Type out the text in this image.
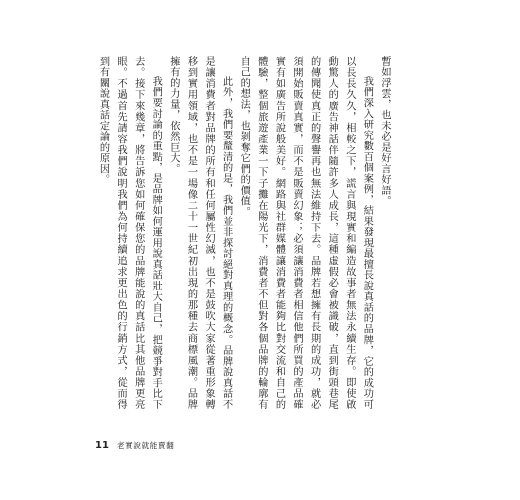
暫如浮雲，也未必是好言好語。

我們深入研究數百個案例，結果發現最擅長說真話的品牌，它的成功可以長長久久，相較之下，謊言與現實和編造故事者無法永續生存。即使啟動驚人的廣告神話伴隨許多人成長，這種虛假必會被識破，直到街頭巷尾的傳聞使真正的聲譽再也無法維持下去。品牌若想擁有長期的成功，就必須開始販賣真實，而不是販賣幻象；必須讓消費者相信他們所買的產品確實有如廣告所說般美好。網路與社群媒體讓消費者能夠比對交流和自己的體驗，整個旅遊產業一下子攤在陽光下，消費者不但對各個品牌的輪廓有自己的想法，也剝奪它們的價值。

此外，我們要釐清的是，我們並非探討絕對真理的概念。品牌說真話不是讓消費者對品牌的所有和任何屬性幻滅，也不是鼓吹大家從著重形象轉移到實用領域，也不是一場像二十一世紀初出現的那種去商標風潮。品牌擁有的力量，依然巨大。

我們要討論的重點，是品牌如何運用說真話壯大自己，把競爭對手比下去。接下來幾章，將告訴您如何確保您的品牌能說的真話比其他品牌更亮眼。不過首先請容我們說明我們為何持續追求更出色的行銷方式，從而得到有關說真話定論的原因。

11 老實說就能賣翻
